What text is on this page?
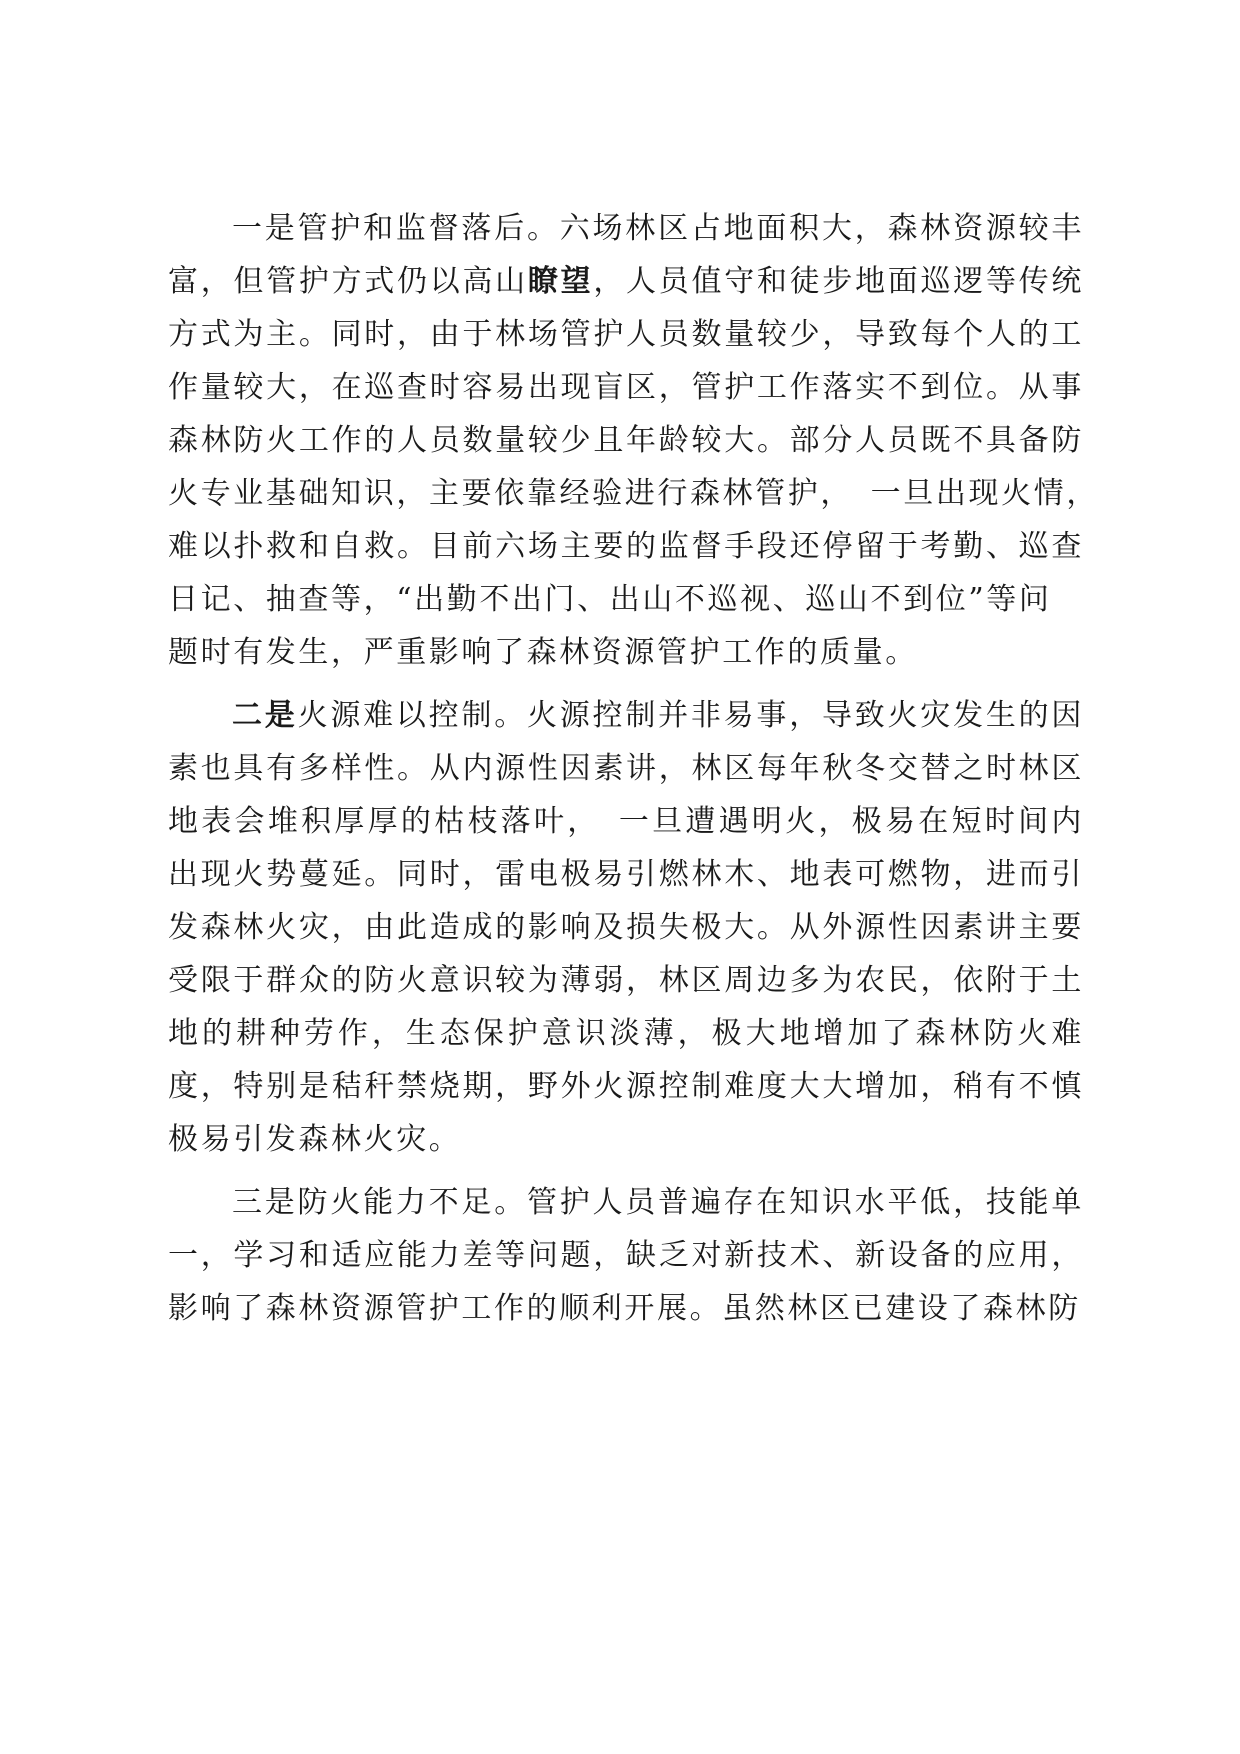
一是管护和监督落后。六场林区占地面积大，森林资源较丰富，但管护方式仍以高山瞭望，人员值守和徒步地面巡逻等传统方式为主。同时，由于林场管护人员数量较少，导致每个人的工作量较大，在巡查时容易出现盲区，管护工作落实不到位。从事森林防火工作的人员数量较少且年龄较大。部分人员既不具备防火专业基础知识，主要依靠经验进行森林管护，　一旦出现火情，　难以扑救和自救。目前六场主要的监督手段还停留于考勤、巡查　日记、抽查等，“出勤不出门、出山不巡视、巡山不到位”等问

题时有发生，严重影响了森林资源管护工作的质量。

二是火源难以控制。火源控制并非易事，导致火灾发生的因素也具有多样性。从内源性因素讲，林区每年秋冬交替之时林区地表会堆积厚厚的枯枝落叶，　一旦遭遇明火，极易在短时间内出现火势蔓延。同时，雷电极易引燃林木、地表可燃物，进而引发森林火灾，由此造成的影响及损失极大。从外源性因素讲主要受限于群众的防火意识较为薄弱，林区周边多为农民，依附于土地的耕种劳作，生态保护意识淡薄，极大地增加了森林防火难度，特别是秸秆禁烧期，野外火源控制难度大大增加，稍有不慎极易引发森林火灾。

三是防火能力不足。管护人员普遍存在知识水平低，技能单一，学习和适应能力差等问题，缺乏对新技术、新设备的应用，影响了森林资源管护工作的顺利开展。虽然林区已建设了森林防
